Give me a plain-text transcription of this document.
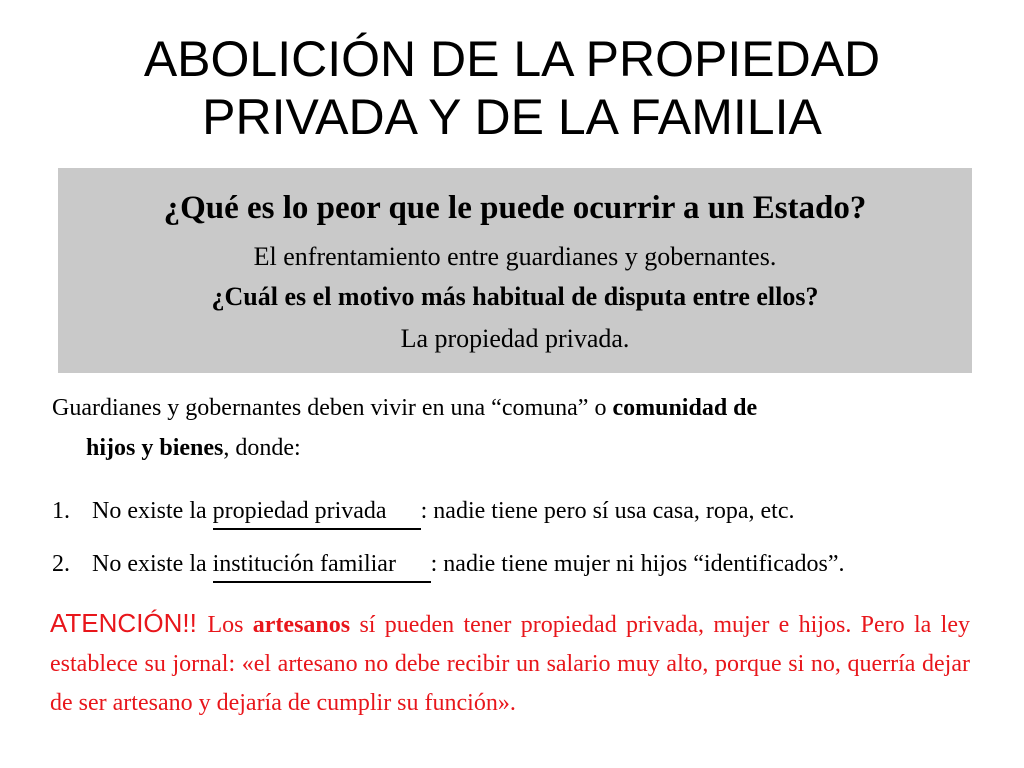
ABOLICIÓN DE LA PROPIEDAD
PRIVADA Y DE LA FAMILIA
¿Qué es lo peor que le puede ocurrir a un Estado?
El enfrentamiento entre guardianes y gobernantes.
¿Cuál es el motivo más habitual de disputa entre ellos?
La propiedad privada.
Guardianes y gobernantes deben vivir en una “comuna” o comunidad de
hijos y bienes, donde:
1. No existe la propiedad privada : nadie tiene pero sí usa casa, ropa, etc.
2. No existe la institución familiar : nadie tiene mujer ni hijos “identificados”.
ATENCIÓN!! Los artesanos sí pueden tener propiedad privada, mujer e hijos. Pero la ley establece su jornal: «el artesano no debe recibir un salario muy alto, porque si no, querría dejar de ser artesano y dejaría de cumplir su función».
